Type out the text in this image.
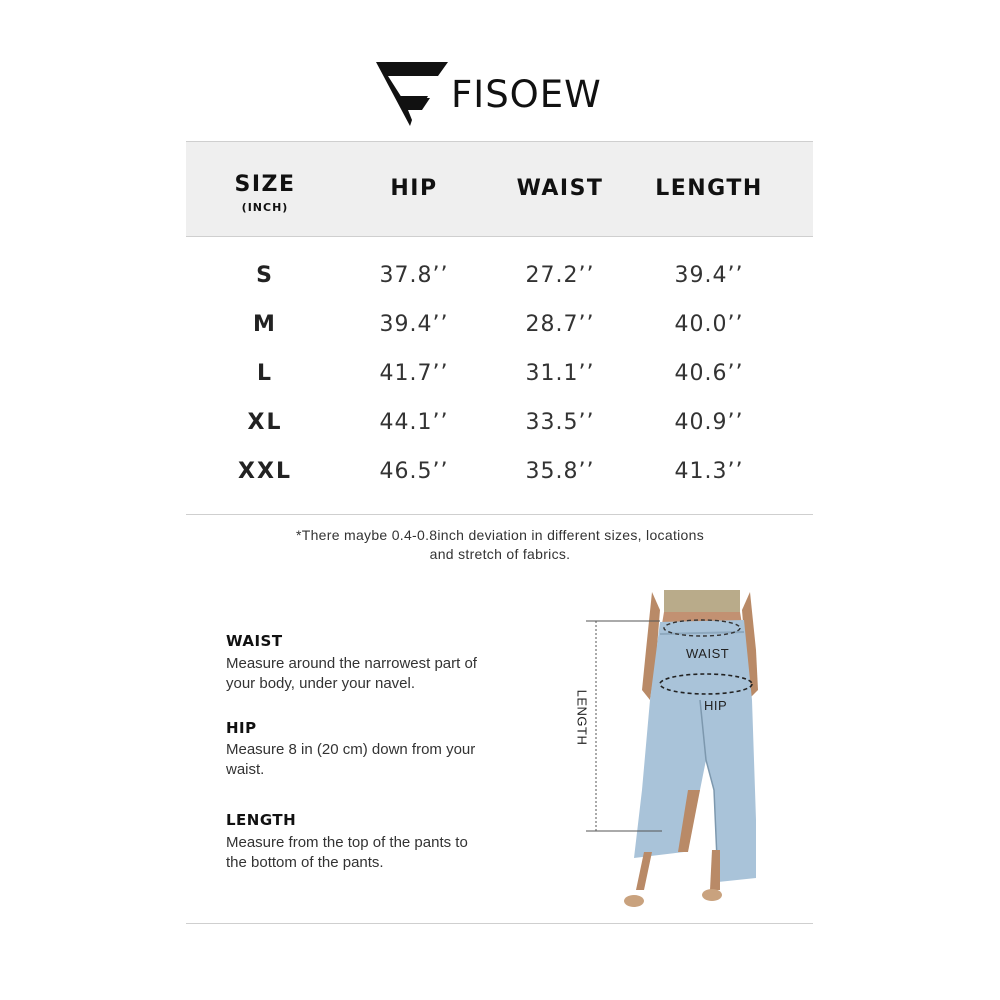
FISOEW
SIZE
(INCH)
HIP	WAIST	LENGTH
S	37.8’’	27.2’’	39.4’’
M	39.4’’	28.7’’	40.0’’
L	41.7’’	31.1’’	40.6’’
XL	44.1’’	33.5’’	40.9’’
XXL	46.5’’	35.8’’	41.3’’
*There maybe 0.4-0.8inch deviation in different sizes, locations
and stretch of fabrics.
WAIST
Measure around the narrowest part of
your body, under your navel.
HIP
Measure 8 in (20 cm) down from your
waist.
LENGTH
Measure from the top of the pants to
the bottom of the pants.
WAIST
HIP
LENGTH
